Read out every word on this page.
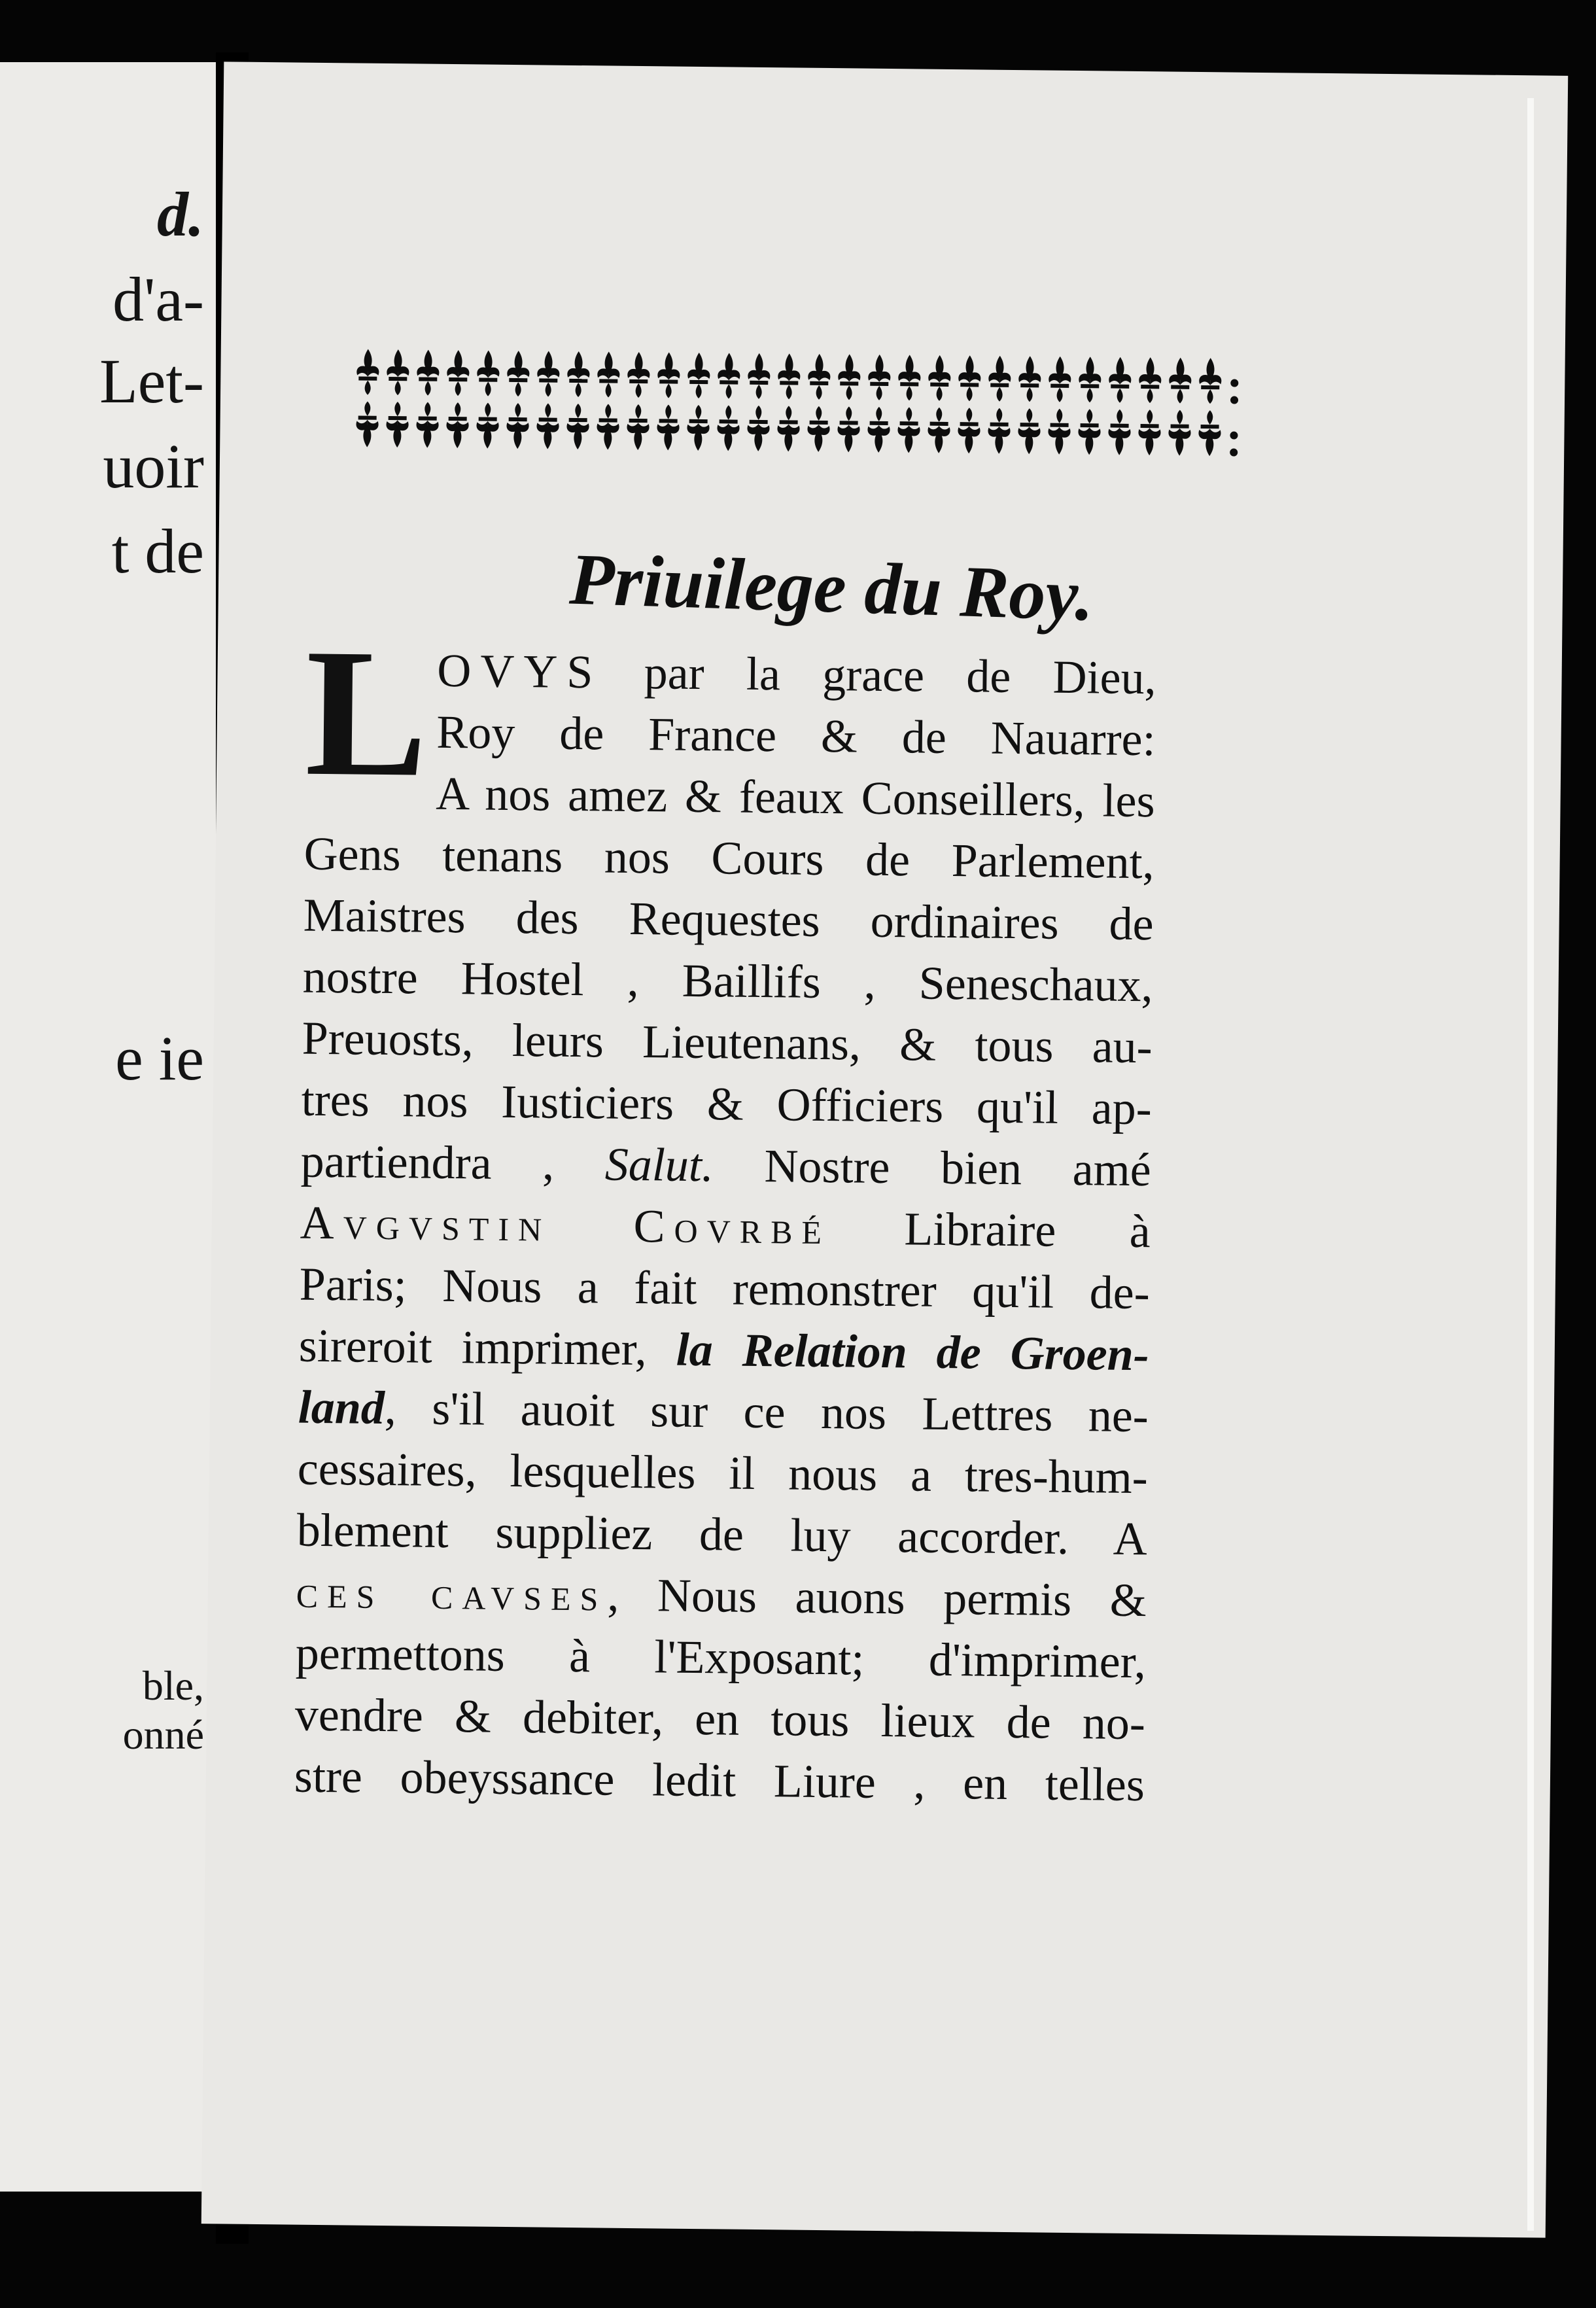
d.
d'a-
Let-
uoir
t de
e ie
ble,
onné
Priuilege du Roy.
L OVYS par la grace de Dieu,
Roy de France & de Nauarre:
A nos amez & feaux Conseillers, les
Gens tenans nos Cours de Parlement,
Maistres des Requestes ordinaires de
nostre Hostel , Baillifs , Seneschaux,
Preuosts, leurs Lieutenans, & tous au-
tres nos Iusticiers & Officiers qu'il ap-
partiendra , Salut. Nostre bien amé
Avgvstin Covrbé Libraire à
Paris; Nous a fait remonstrer qu'il de-
sireroit imprimer, la Relation de Groen-
land, s'il auoit sur ce nos Lettres ne-
cessaires, lesquelles il nous a tres-hum-
blement suppliez de luy accorder. A
ces cavses, Nous auons permis &
permettons à l'Exposant; d'imprimer,
vendre & debiter, en tous lieux de no-
stre obeyssance ledit Liure , en telles
